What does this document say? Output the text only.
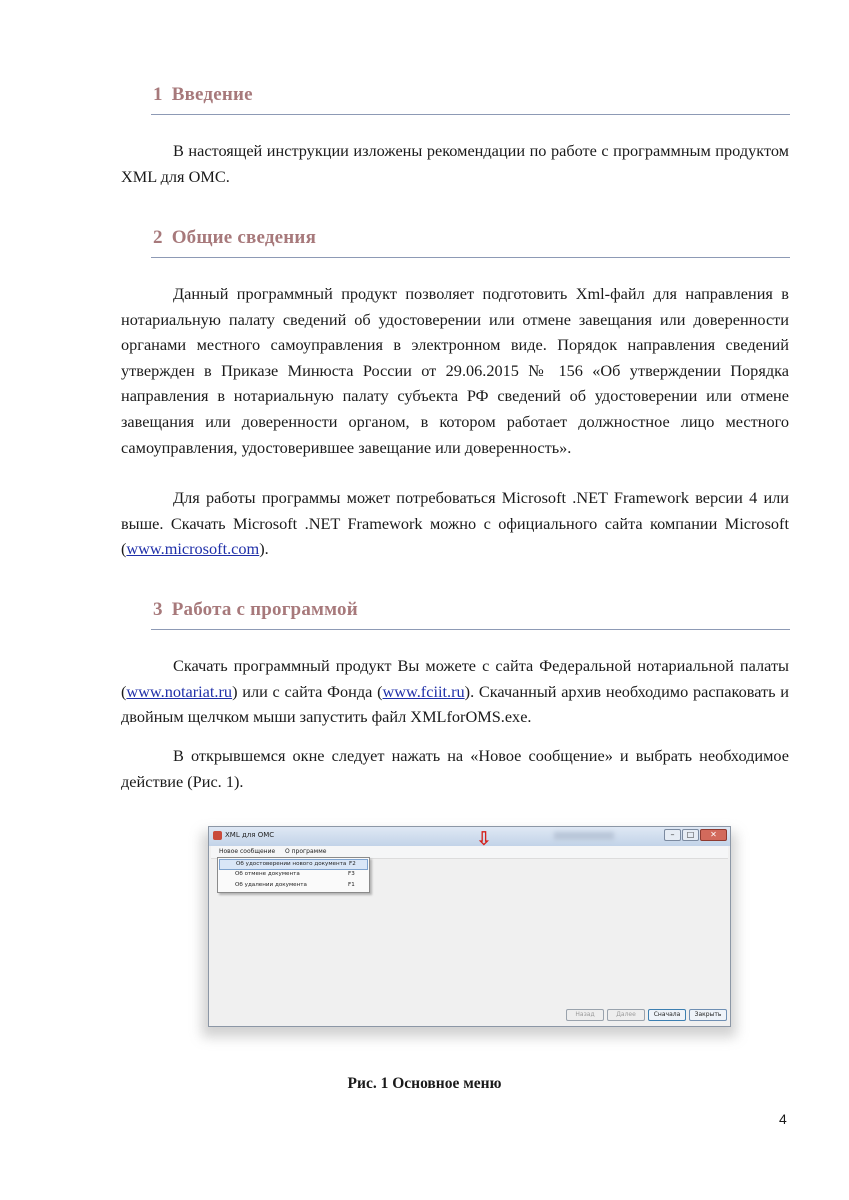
1 Введение

В настоящей инструкции изложены рекомендации по работе с программным продуктом XML для ОМС.

2 Общие сведения

Данный программный продукт позволяет подготовить Xml-файл для направления в нотариальную палату сведений об удостоверении или отмене завещания или доверенности органами местного самоуправления в электронном виде. Порядок направления сведений утвержден в Приказе Минюста России от 29.06.2015 № 156 «Об утверждении Порядка направления в нотариальную палату субъекта РФ сведений об удостоверении или отмене завещания или доверенности органом, в котором работает должностное лицо местного самоуправления, удостоверившее завещание или доверенность».

Для работы программы может потребоваться Microsoft .NET Framework версии 4 или выше. Скачать Microsoft .NET Framework можно с официального сайта компании Microsoft (www.microsoft.com).

3 Работа с программой

Скачать программный продукт Вы можете с сайта Федеральной нотариальной палаты (www.notariat.ru) или с сайта Фонда (www.fciit.ru). Скачанный архив необходимо распаковать и двойным щелчком мыши запустить файл XMLforOMS.exe.

В открывшемся окне следует нажать на «Новое сообщение» и выбрать необходимое действие (Рис. 1).

XML для ОМС	–	□	✕
Новое сообщение О программе
Об удостоверении нового документа F2
Об отмене документа	F3
Об удалении документа	F1
Назад	Далее	Сначала	Закрыть
Рис. 1 Основное меню
4
